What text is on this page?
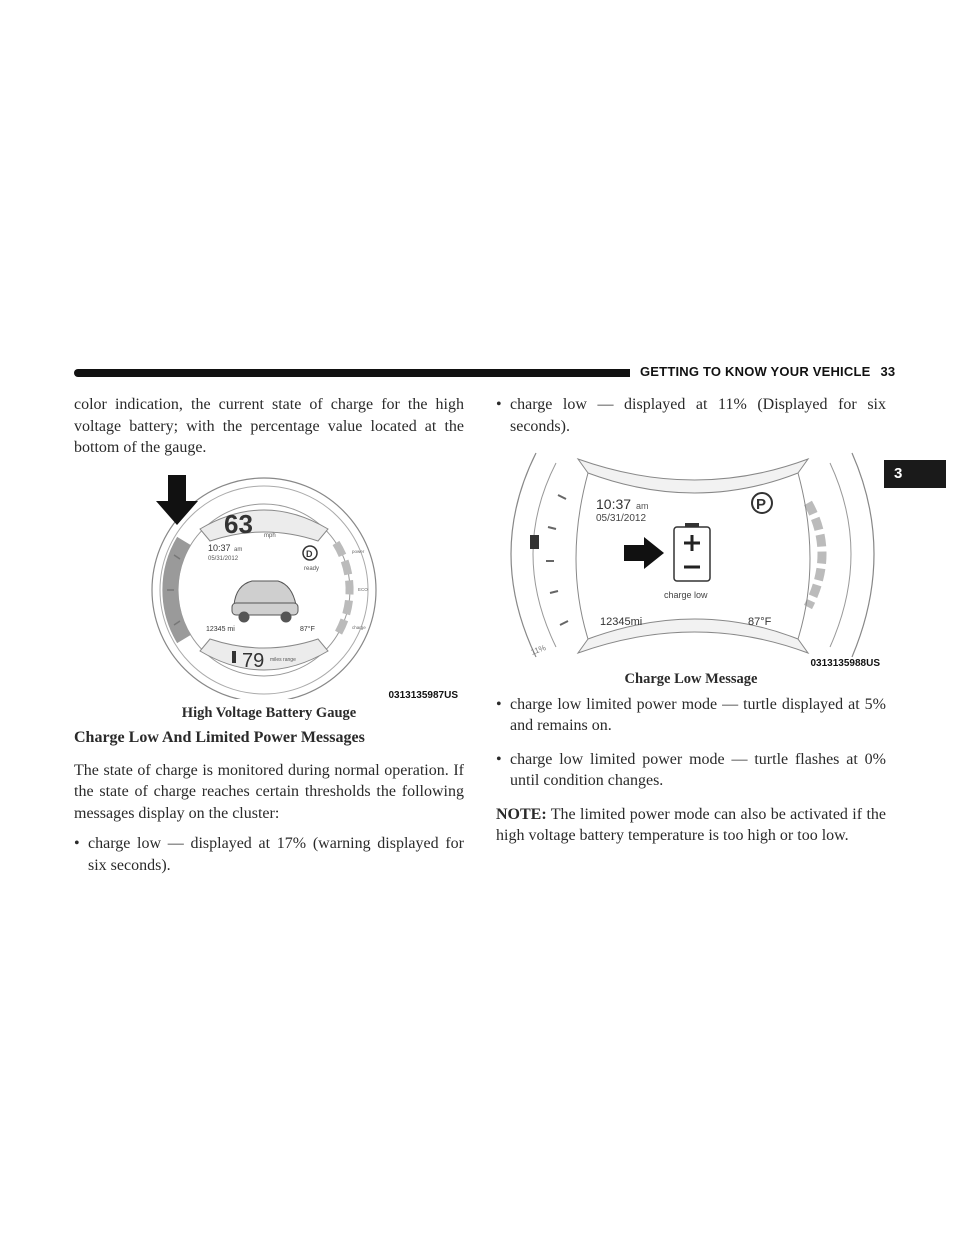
GETTING TO KNOW YOUR VEHICLE 33
3

color indication, the current state of charge for the high voltage battery; with the percentage value located at the bottom of the gauge.

63 mph
79 miles range
10:37 am
05/31/2012	D
ready
12345 mi	87°F
power
ECO
charge
0313135987US
High Voltage Battery Gauge
Charge Low And Limited Power Messages

The state of charge is monitored during normal operation. If the state of charge reaches certain thresholds the following messages display on the cluster:

• charge low — displayed at 17% (warning displayed for six seconds).
• charge low — displayed at 11% (Displayed for six seconds).
11%
10:37 am
05/31/2012
P
charge low
12345mi	87°F
0313135988US
Charge Low Message
• charge low limited power mode — turtle displayed at 5% and remains on.
• charge low limited power mode — turtle flashes at 0% until condition changes.

NOTE: The limited power mode can also be activated if the high voltage battery temperature is too high or too low.
